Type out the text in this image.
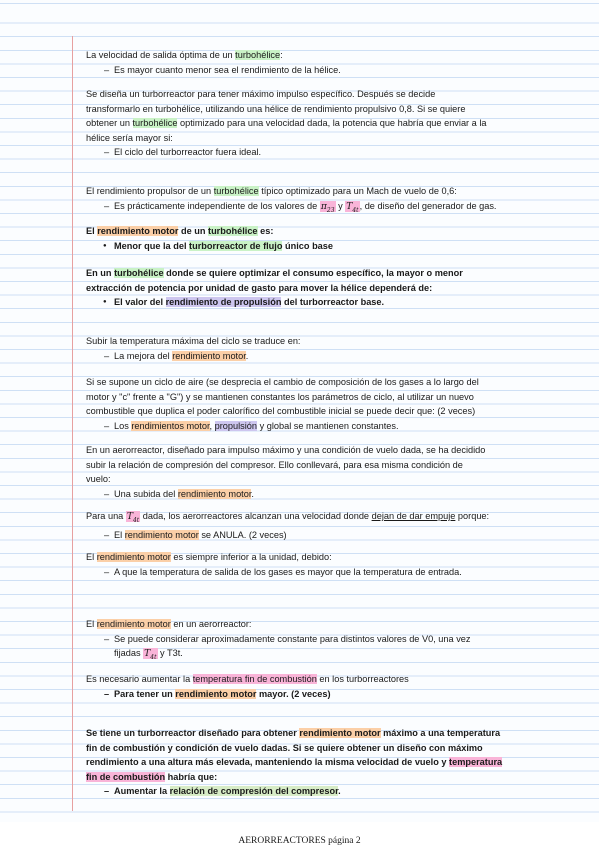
La velocidad de salida óptima de un turbohélice:
– Es mayor cuanto menor sea el rendimiento de la hélice.
Se diseña un turborreactor para tener máximo impulso específico. Después se decide
transformarlo en turbohélice, utilizando una hélice de rendimiento propulsivo 0,8. Si se quiere
obtener un turbohélice optimizado para una velocidad dada, la potencia que habría que enviar a la
hélice sería mayor si:
– El ciclo del turborreactor fuera ideal.
El rendimiento propulsor de un turbohélice típico optimizado para un Mach de vuelo de 0,6:
– Es prácticamente independiente de los valores de $\pi_{23}$ y $T_{4t}$, de diseño del generador de gas.
El rendimiento motor de un turbohélice es:
● Menor que la del turborreactor de flujo único base
En un turbohélice donde se quiere optimizar el consumo específico, la mayor o menor
extracción de potencia por unidad de gasto para mover la hélice dependerá de:
● El valor del rendimiento de propulsión del turborreactor base.
Subir la temperatura máxima del ciclo se traduce en:
– La mejora del rendimiento motor.
Si se supone un ciclo de aire (se desprecia el cambio de composición de los gases a lo largo del
motor y "c" frente a "G") y se mantienen constantes los parámetros de ciclo, al utilizar un nuevo
combustible que duplica el poder calorífico del combustible inicial se puede decir que: (2 veces)
– Los rendimientos motor, propulsión y global se mantienen constantes.
En un aerorreactor, diseñado para impulso máximo y una condición de vuelo dada, se ha decidido
subir la relación de compresión del compresor. Ello conllevará, para esa misma condición de
vuelo:
– Una subida del rendimiento motor.
Para una $T_{4t}$ dada, los aerorreactores alcanzan una velocidad donde dejan de dar empuje porque:
– El rendimiento motor se ANULA. (2 veces)
El rendimiento motor es siempre inferior a la unidad, debido:
– A que la temperatura de salida de los gases es mayor que la temperatura de entrada.
El rendimiento motor en un aerorreactor:
– Se puede considerar aproximadamente constante para distintos valores de V0, una vez
fijadas $T_{4t}$ y T3t.
Es necesario aumentar la temperatura fin de combustión en los turborreactores
– Para tener un rendimiento motor mayor. (2 veces)
Se tiene un turborreactor diseñado para obtener rendimiento motor máximo a una temperatura
fin de combustión y condición de vuelo dadas. Si se quiere obtener un diseño con máximo
rendimiento a una altura más elevada, manteniendo la misma velocidad de vuelo y temperatura
fin de combustión habría que:
– Aumentar la relación de compresión del compresor.
AERORREACTORES página 2
